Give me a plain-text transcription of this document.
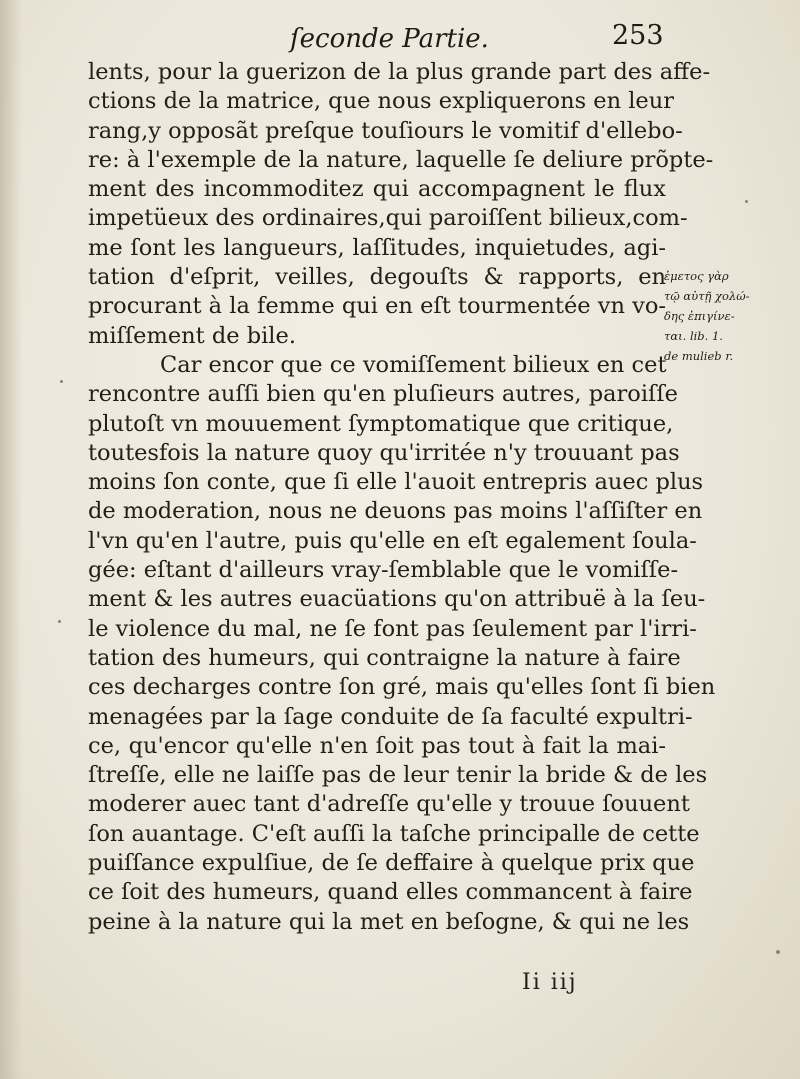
ſeconde Partie.	253
lents, pour la guerizon de la plus grande part des affe-
ctions de la matrice, que nous expliquerons en leur
rang,y opposãt preſque touſiours le vomitif d'ellebo-
re: à l'exemple de la nature, laquelle ſe deliure prõpte-
ment des incommoditez qui accompagnent le flux
impetüeux des ordinaires,qui paroiſſent bilieux,com-
me ſont les langueurs, laſſitudes, inquietudes, agi-
tation d'eſprit, veilles, degouſts & rapports, en
procurant à la femme qui en eſt tourmentée vn vo-
miſſement de bile.
Car encor que ce vomiſſement bilieux en cet
rencontre auſſi bien qu'en pluſieurs autres, paroiſſe
plutoſt vn mouuement ſymptomatique que critique,
toutesfois la nature quoy qu'irritée n'y trouuant pas
moins ſon conte, que ſi elle l'auoit entrepris auec plus
de moderation, nous ne deuons pas moins l'aſſiſter en
l'vn qu'en l'autre, puis qu'elle en eſt egalement ſoula-
gée: eſtant d'ailleurs vray-ſemblable que le vomiſſe-
ment & les autres euacüations qu'on attribuë à la ſeu-
le violence du mal, ne ſe font pas ſeulement par l'irri-
tation des humeurs, qui contraigne la nature à faire
ces decharges contre ſon gré, mais qu'elles ſont ſi bien
menagées par la ſage conduite de ſa faculté expultri-
ce, qu'encor qu'elle n'en ſoit pas tout à fait la mai-
ſtreſſe, elle ne laiſſe pas de leur tenir la bride & de les
moderer auec tant d'adreſſe qu'elle y trouue ſouuent
ſon auantage. C'eſt auſſi la taſche principalle de cette
puiſſance expulſiue, de ſe deffaire à quelque prix que
ce ſoit des humeurs, quand elles commancent à faire
peine à la nature qui la met en beſogne, & qui ne les
ἐμετος γὰρ
τῷ αὐτῇ χολώ-
δης ἐπιγίνε-
ται. lib. 1.
de mulieb r.
Ii iij
